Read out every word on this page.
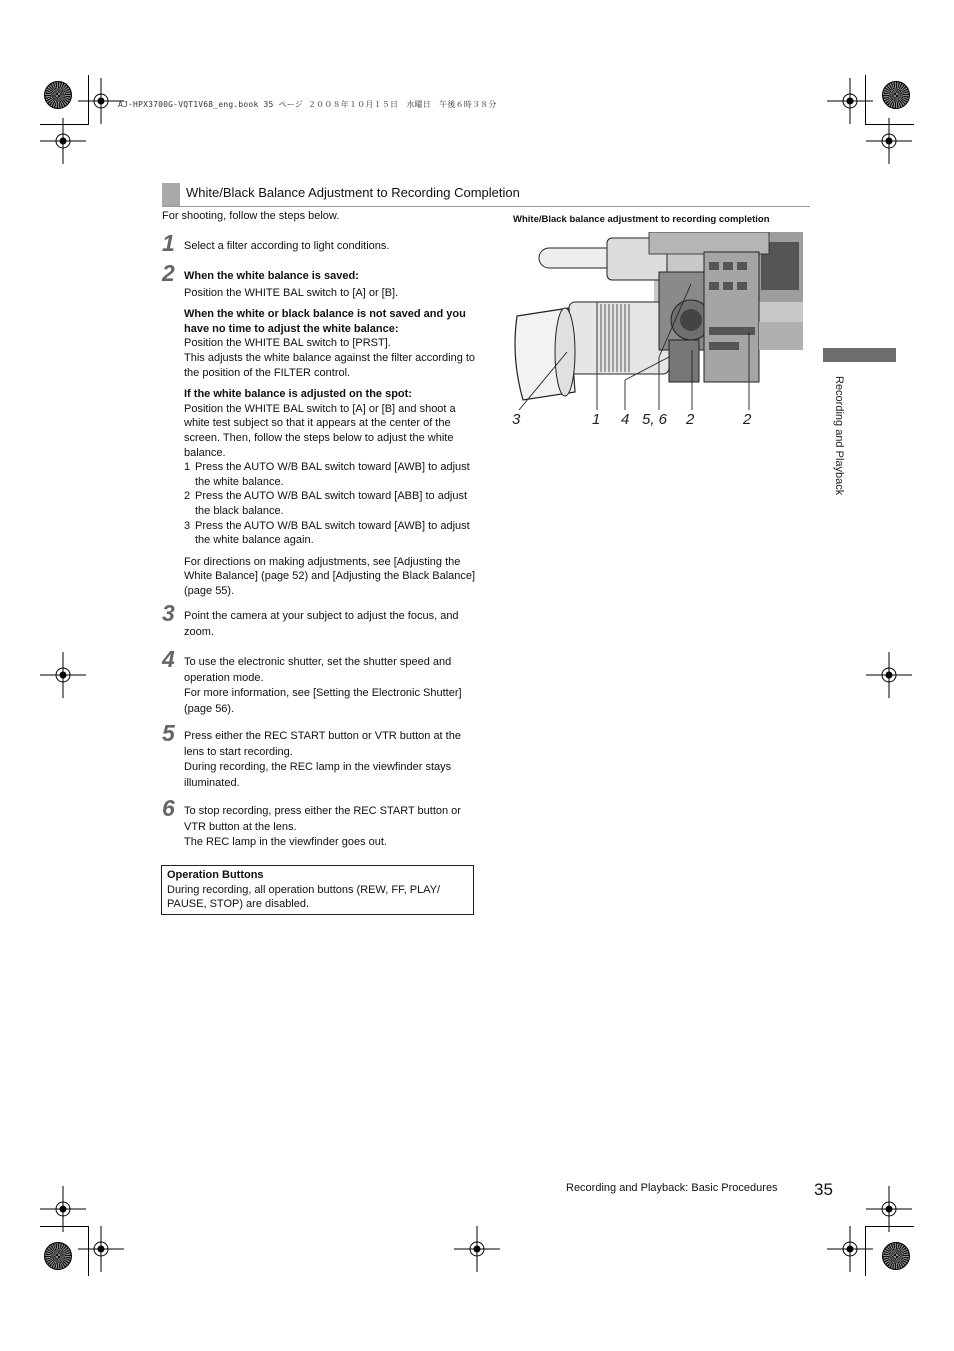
AJ-HPX3700G-VQT1V68_eng.book 35 ページ ２００８年１０月１５日　水曜日　午後６時３８分
White/Black Balance Adjustment to Recording Completion
For shooting, follow the steps below.
1 Select a filter according to light conditions.

2 When the white balance is saved:

Position the WHITE BAL switch to [A] or [B].

When the white or black balance is not saved and you have no time to adjust the white balance:

Position the WHITE BAL switch to [PRST].

This adjusts the white balance against the filter according to the position of the FILTER control.

If the white balance is adjusted on the spot:

Position the WHITE BAL switch to [A] or [B] and shoot a white test subject so that it appears at the center of the screen. Then, follow the steps below to adjust the white balance.

1 Press the AUTO W/B BAL switch toward [AWB] to adjust the white balance.
2 Press the AUTO W/B BAL switch toward [ABB] to adjust the black balance.
3 Press the AUTO W/B BAL switch toward [AWB] to adjust the white balance again.

For directions on making adjustments, see [Adjusting the White Balance] (page 52) and [Adjusting the Black Balance] (page 55).

3 Point the camera at your subject to adjust the focus, and zoom.

4 To use the electronic shutter, set the shutter speed and operation mode.

For more information, see [Setting the Electronic Shutter] (page 56).

5 Press either the REC START button or VTR button at the lens to start recording.

During recording, the REC lamp in the viewfinder stays illuminated.

6 To stop recording, press either the REC START button or VTR button at the lens.

The REC lamp in the viewfinder goes out.

Operation Buttons

During recording, all operation buttons (REW, FF, PLAY/ PAUSE, STOP) are disabled.

White/Black balance adjustment to recording completion
3	1 4 5, 6 2	2	Recording and Playback
Recording and Playback: Basic Procedures 35
